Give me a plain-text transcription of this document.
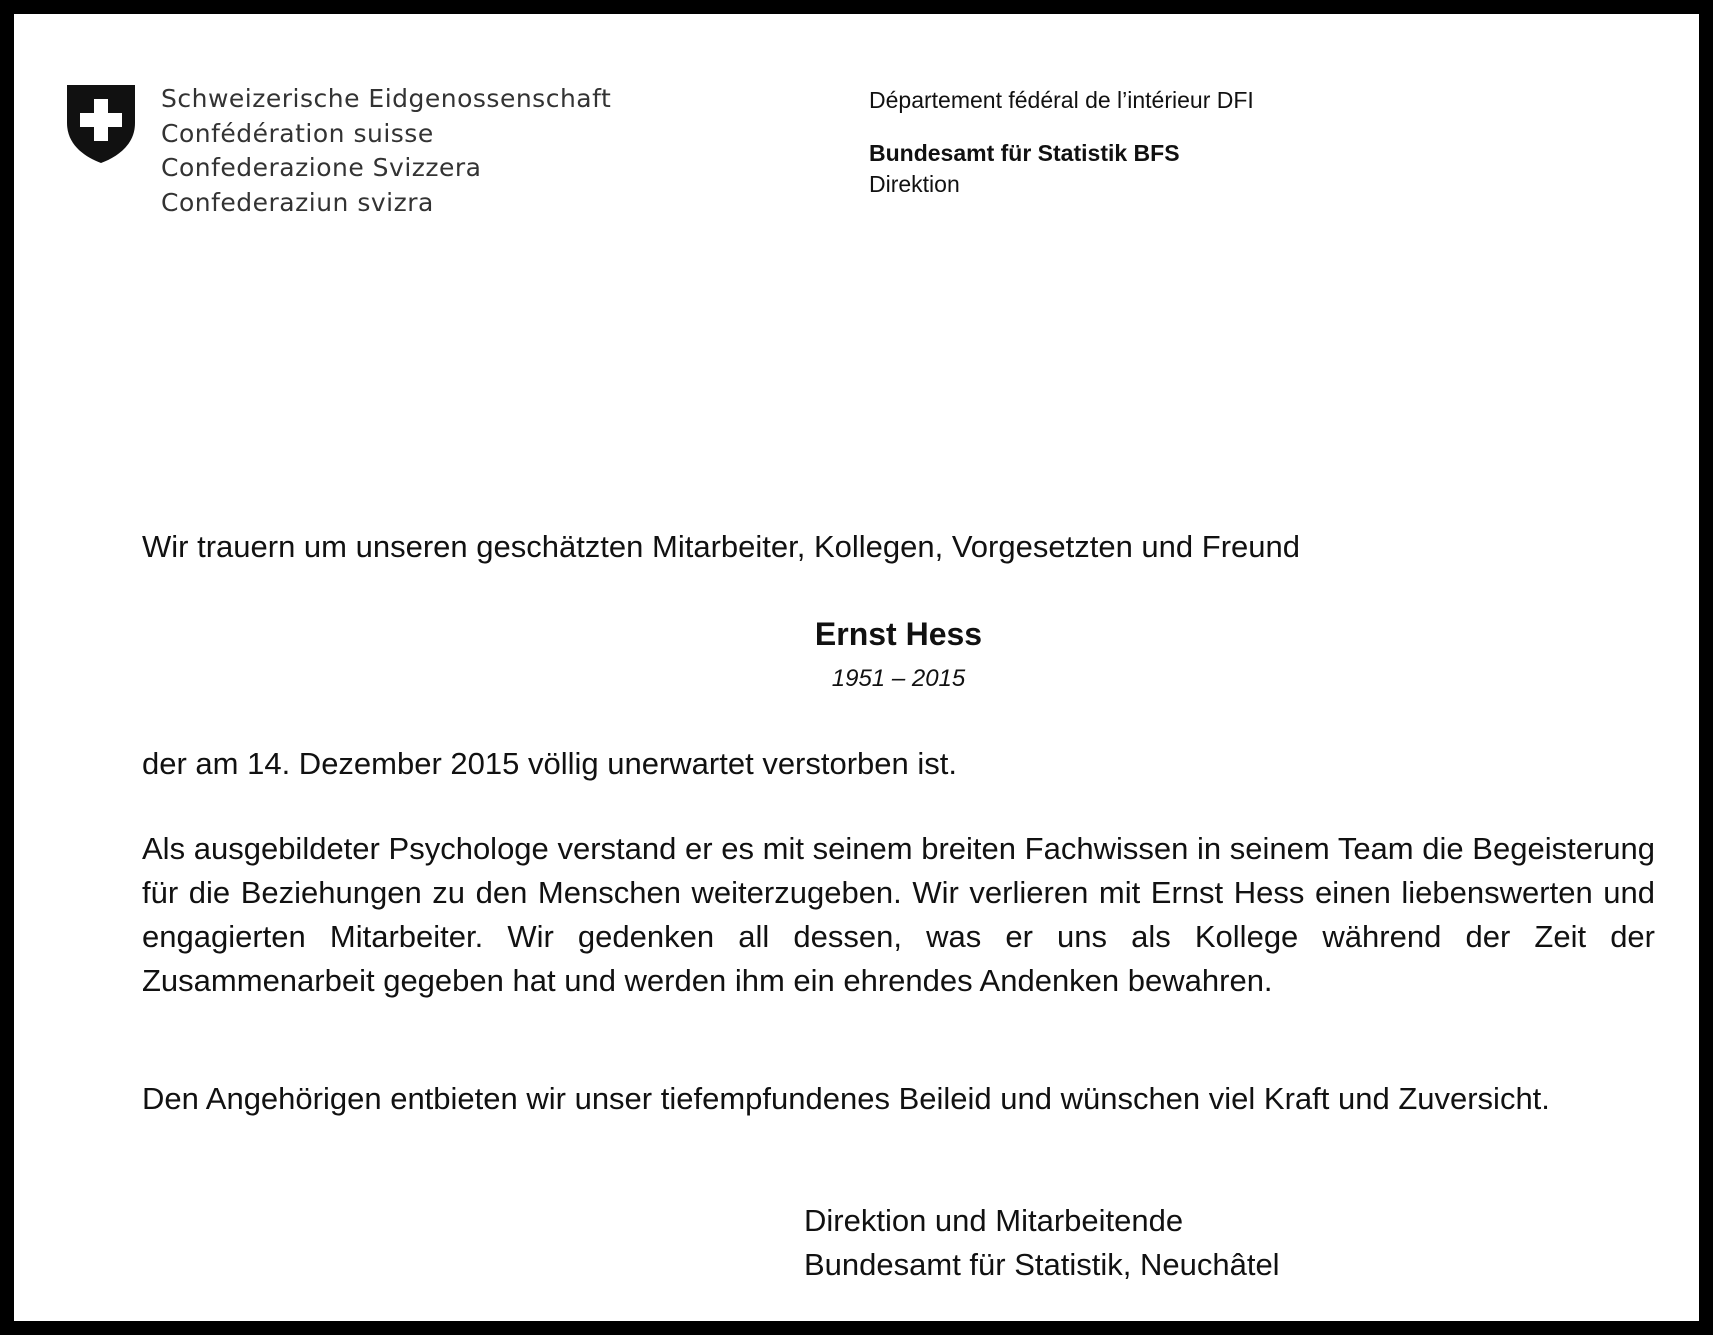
Schweizerische Eidgenossenschaft
Confédération suisse
Confederazione Svizzera
Confederaziun svizra
Département fédéral de l’intérieur DFI
Bundesamt für Statistik BFS
Direktion
Wir trauern um unseren geschätzten Mitarbeiter, Kollegen, Vorgesetzten und Freund
Ernst Hess
1951 – 2015
der am 14. Dezember 2015 völlig unerwartet verstorben ist.
Als ausgebildeter Psychologe verstand er es mit seinem breiten Fachwissen in seinem Team die Begeisterung für die Beziehungen zu den Menschen weiterzugeben. Wir verlieren mit Ernst Hess einen liebenswerten und engagierten Mitarbeiter. Wir gedenken all dessen, was er uns als Kollege während der Zeit der Zusammenarbeit gegeben hat und werden ihm ein ehrendes Andenken bewahren.
Den Angehörigen entbieten wir unser tiefempfundenes Beileid und wünschen viel Kraft und Zuversicht.
Direktion und Mitarbeitende
Bundesamt für Statistik, Neuchâtel
